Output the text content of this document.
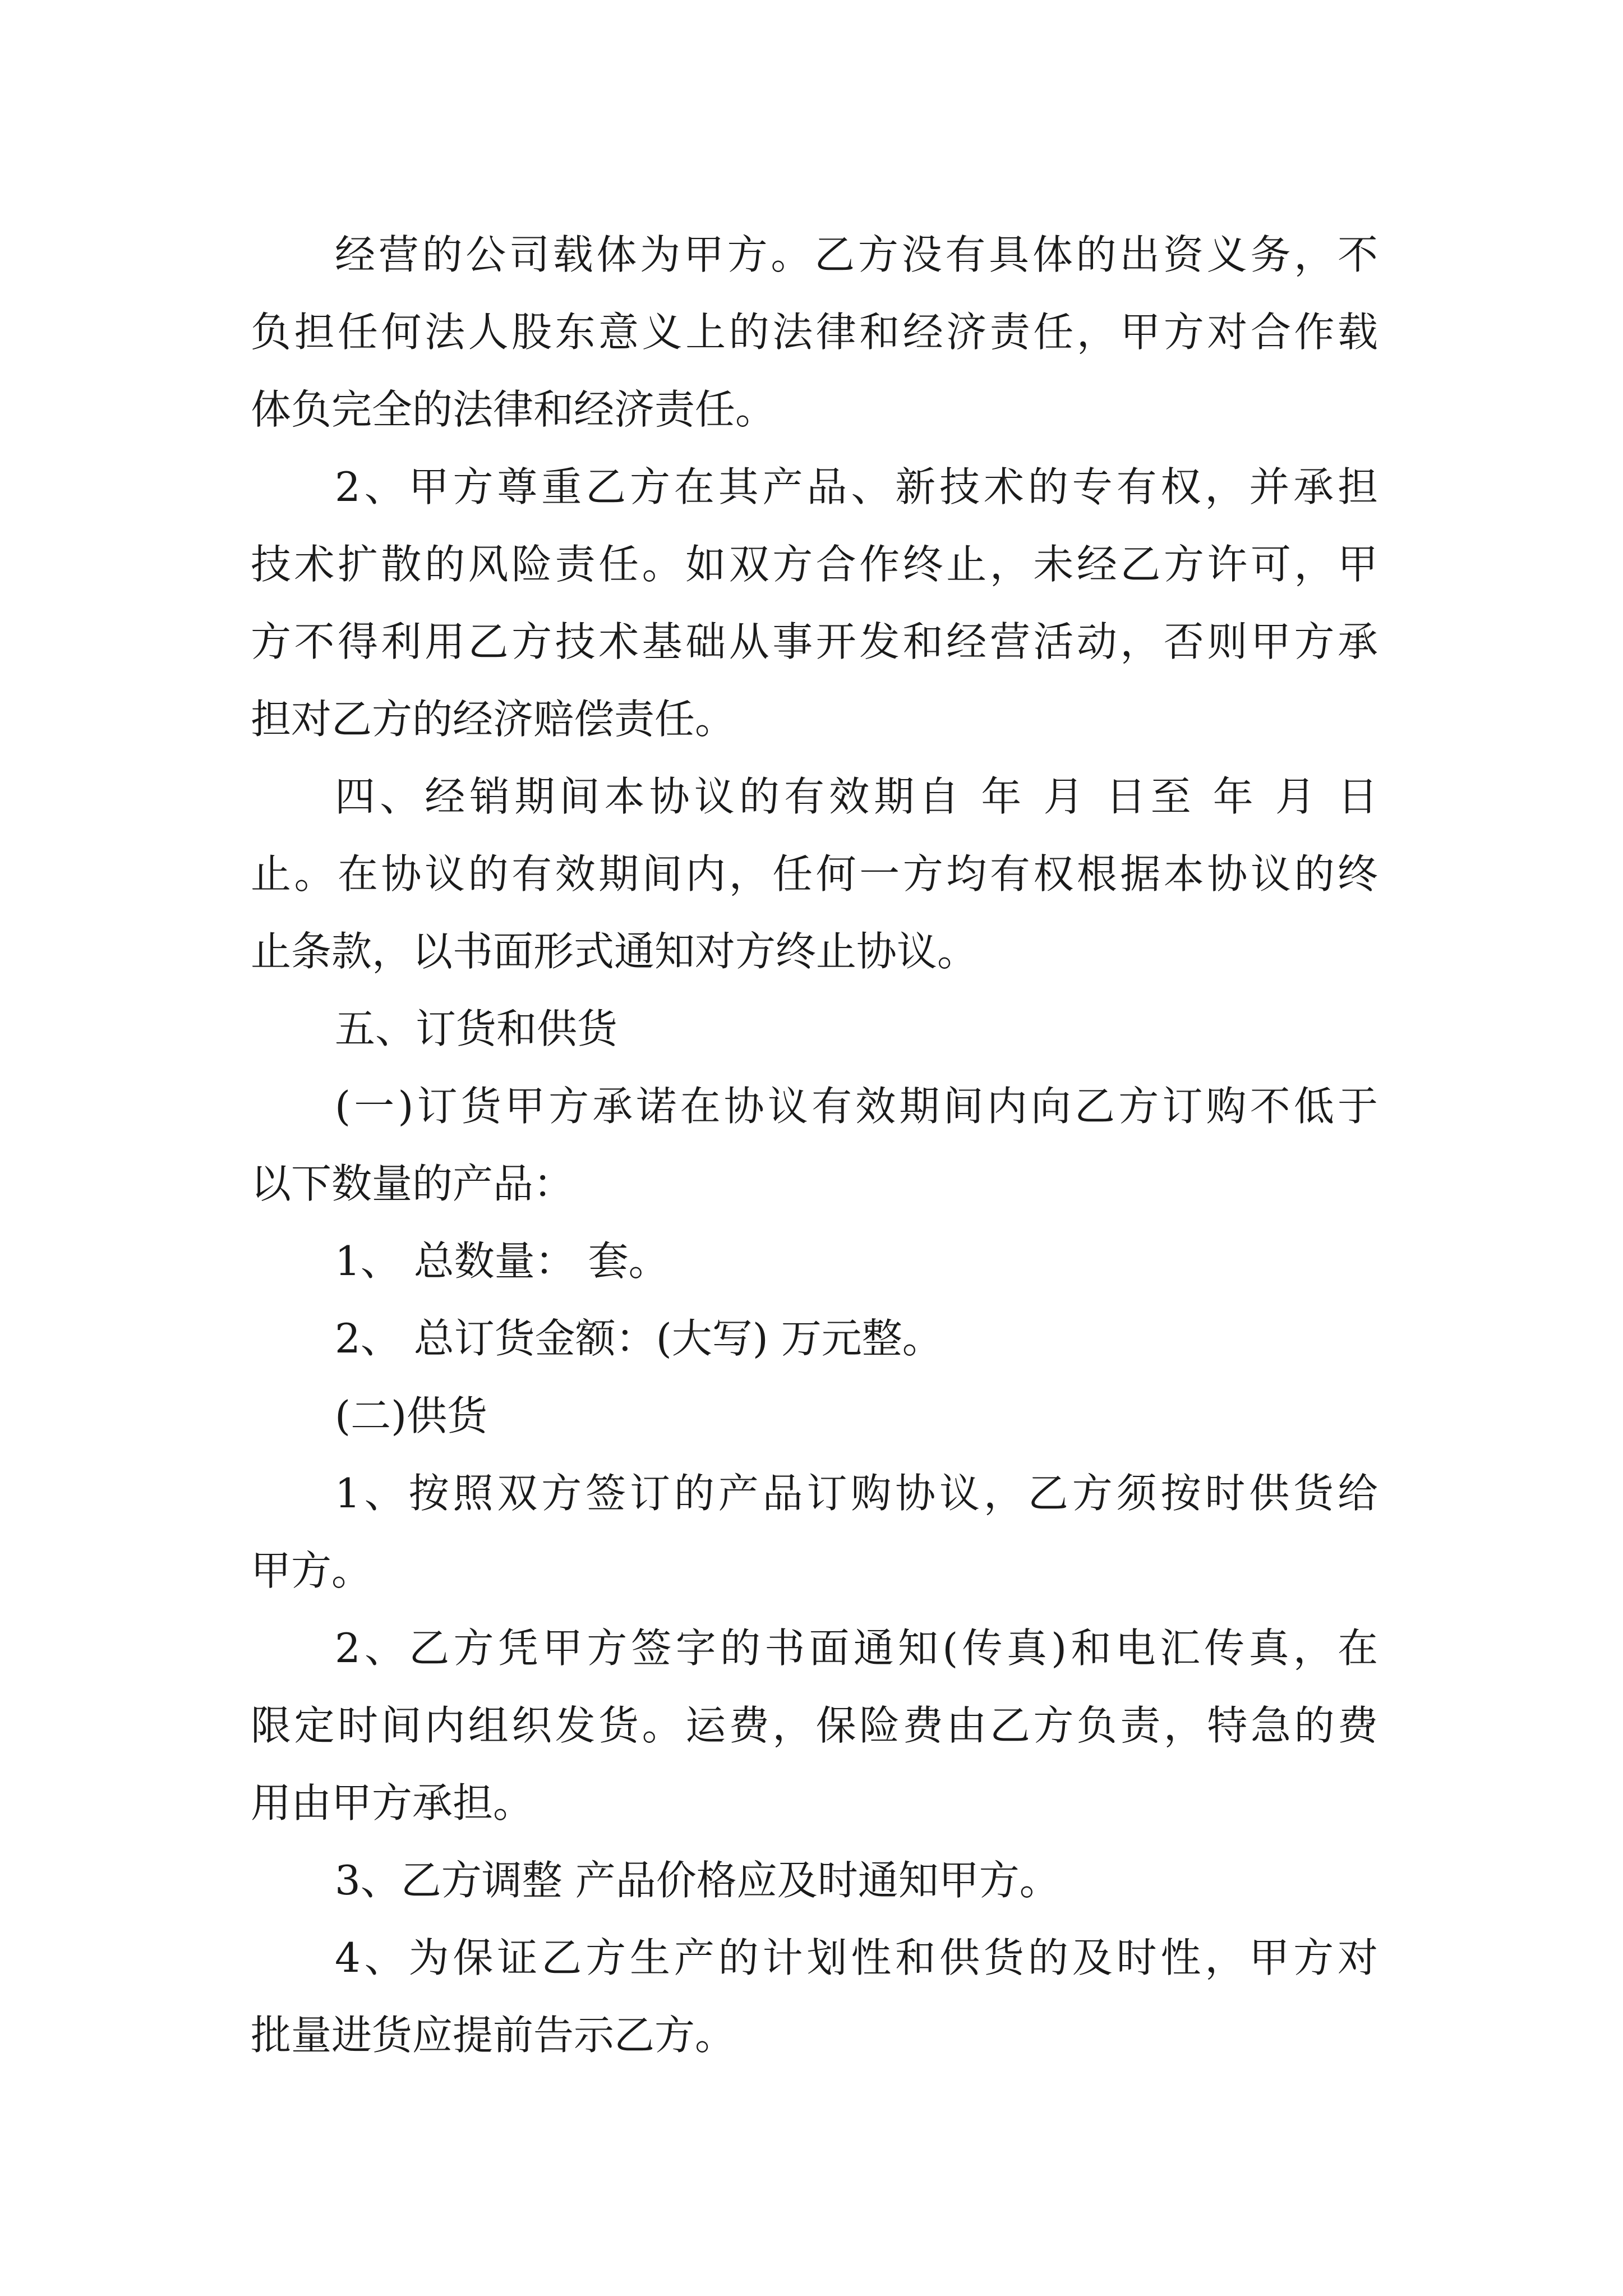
经营的公司载体为甲方。乙方没有具体的出资义务，不
负担任何法人股东意义上的法律和经济责任，甲方对合作载
体负完全的法律和经济责任。
2、甲方尊重乙方在其产品、新技术的专有权，并承担
技术扩散的风险责任。如双方合作终止，未经乙方许可，甲
方不得利用乙方技术基础从事开发和经营活动，否则甲方承
担对乙方的经济赔偿责任。
四、经销期间本协议的有效期自 年 月 日至 年 月 日
止。在协议的有效期间内，任何一方均有权根据本协议的终
止条款，以书面形式通知对方终止协议。
五、订货和供货
(一)订货甲方承诺在协议有效期间内向乙方订购不低于
以下数量的产品：
1、 总数量： 套。
2、 总订货金额：(大写) 万元整。
(二)供货
1、按照双方签订的产品订购协议，乙方须按时供货给
甲方。
2、乙方凭甲方签字的书面通知(传真)和电汇传真，在
限定时间内组织发货。运费，保险费由乙方负责，特急的费
用由甲方承担。
3、乙方调整 产品价格应及时通知甲方。
4、为保证乙方生产的计划性和供货的及时性，甲方对
批量进货应提前告示乙方。
